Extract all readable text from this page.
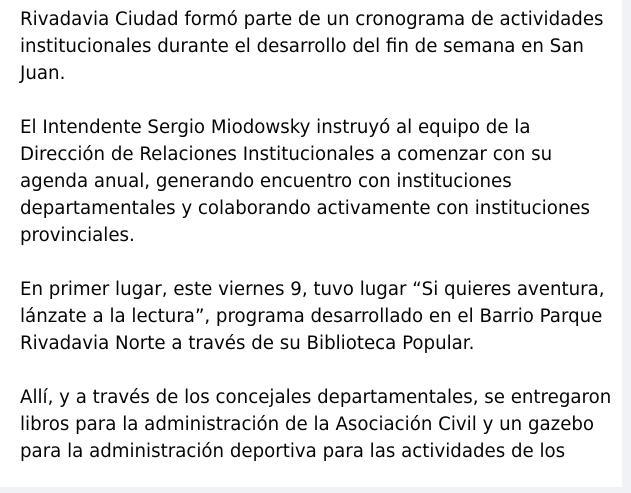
Rivadavia Ciudad formó parte de un cronograma de actividades
institucionales durante el desarrollo del fin de semana en San
Juan.

El Intendente Sergio Miodowsky instruyó al equipo de la
Dirección de Relaciones Institucionales a comenzar con su
agenda anual, generando encuentro con instituciones
departamentales y colaborando activamente con instituciones
provinciales.

En primer lugar, este viernes 9, tuvo lugar “Si quieres aventura,
lánzate a la lectura”, programa desarrollado en el Barrio Parque
Rivadavia Norte a través de su Biblioteca Popular.

Allí, y a través de los concejales departamentales, se entregaron
libros para la administración de la Asociación Civil y un gazebo
para la administración deportiva para las actividades de los
